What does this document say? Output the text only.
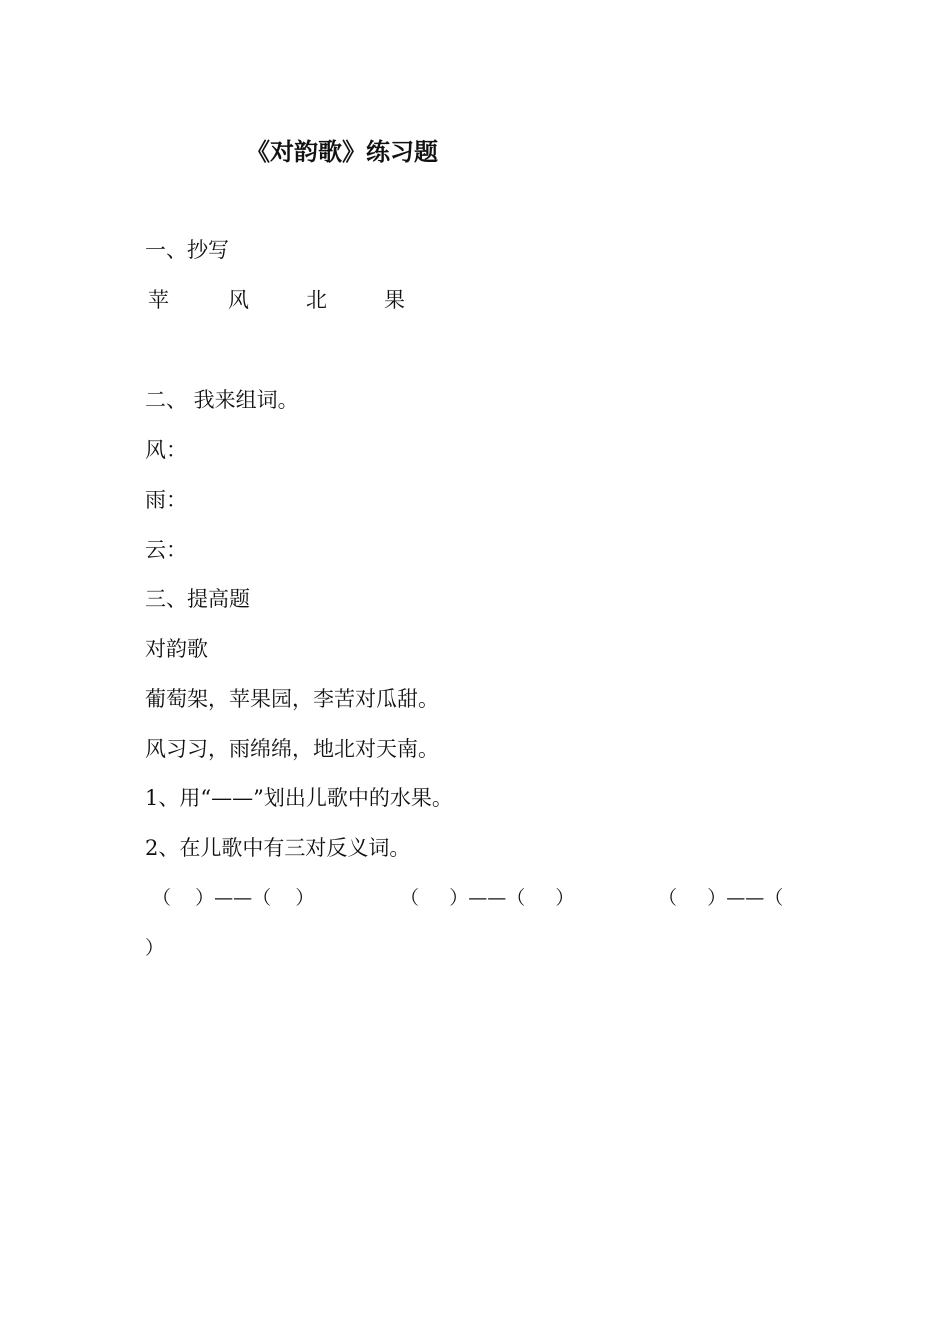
《对韵歌》练习题
一、抄写
苹	风	北	果
二、 我来组词。
风：
雨：
云：
三、提高题
对韵歌
葡萄架，苹果园，李苦对瓜甜。
风习习，雨绵绵，地北对天南。
1、用“——”划出儿歌中的水果。
2、在儿歌中有三对反义词。

（    ）——（    ）

	（     ）——（     ）

	（     ）——（

）
